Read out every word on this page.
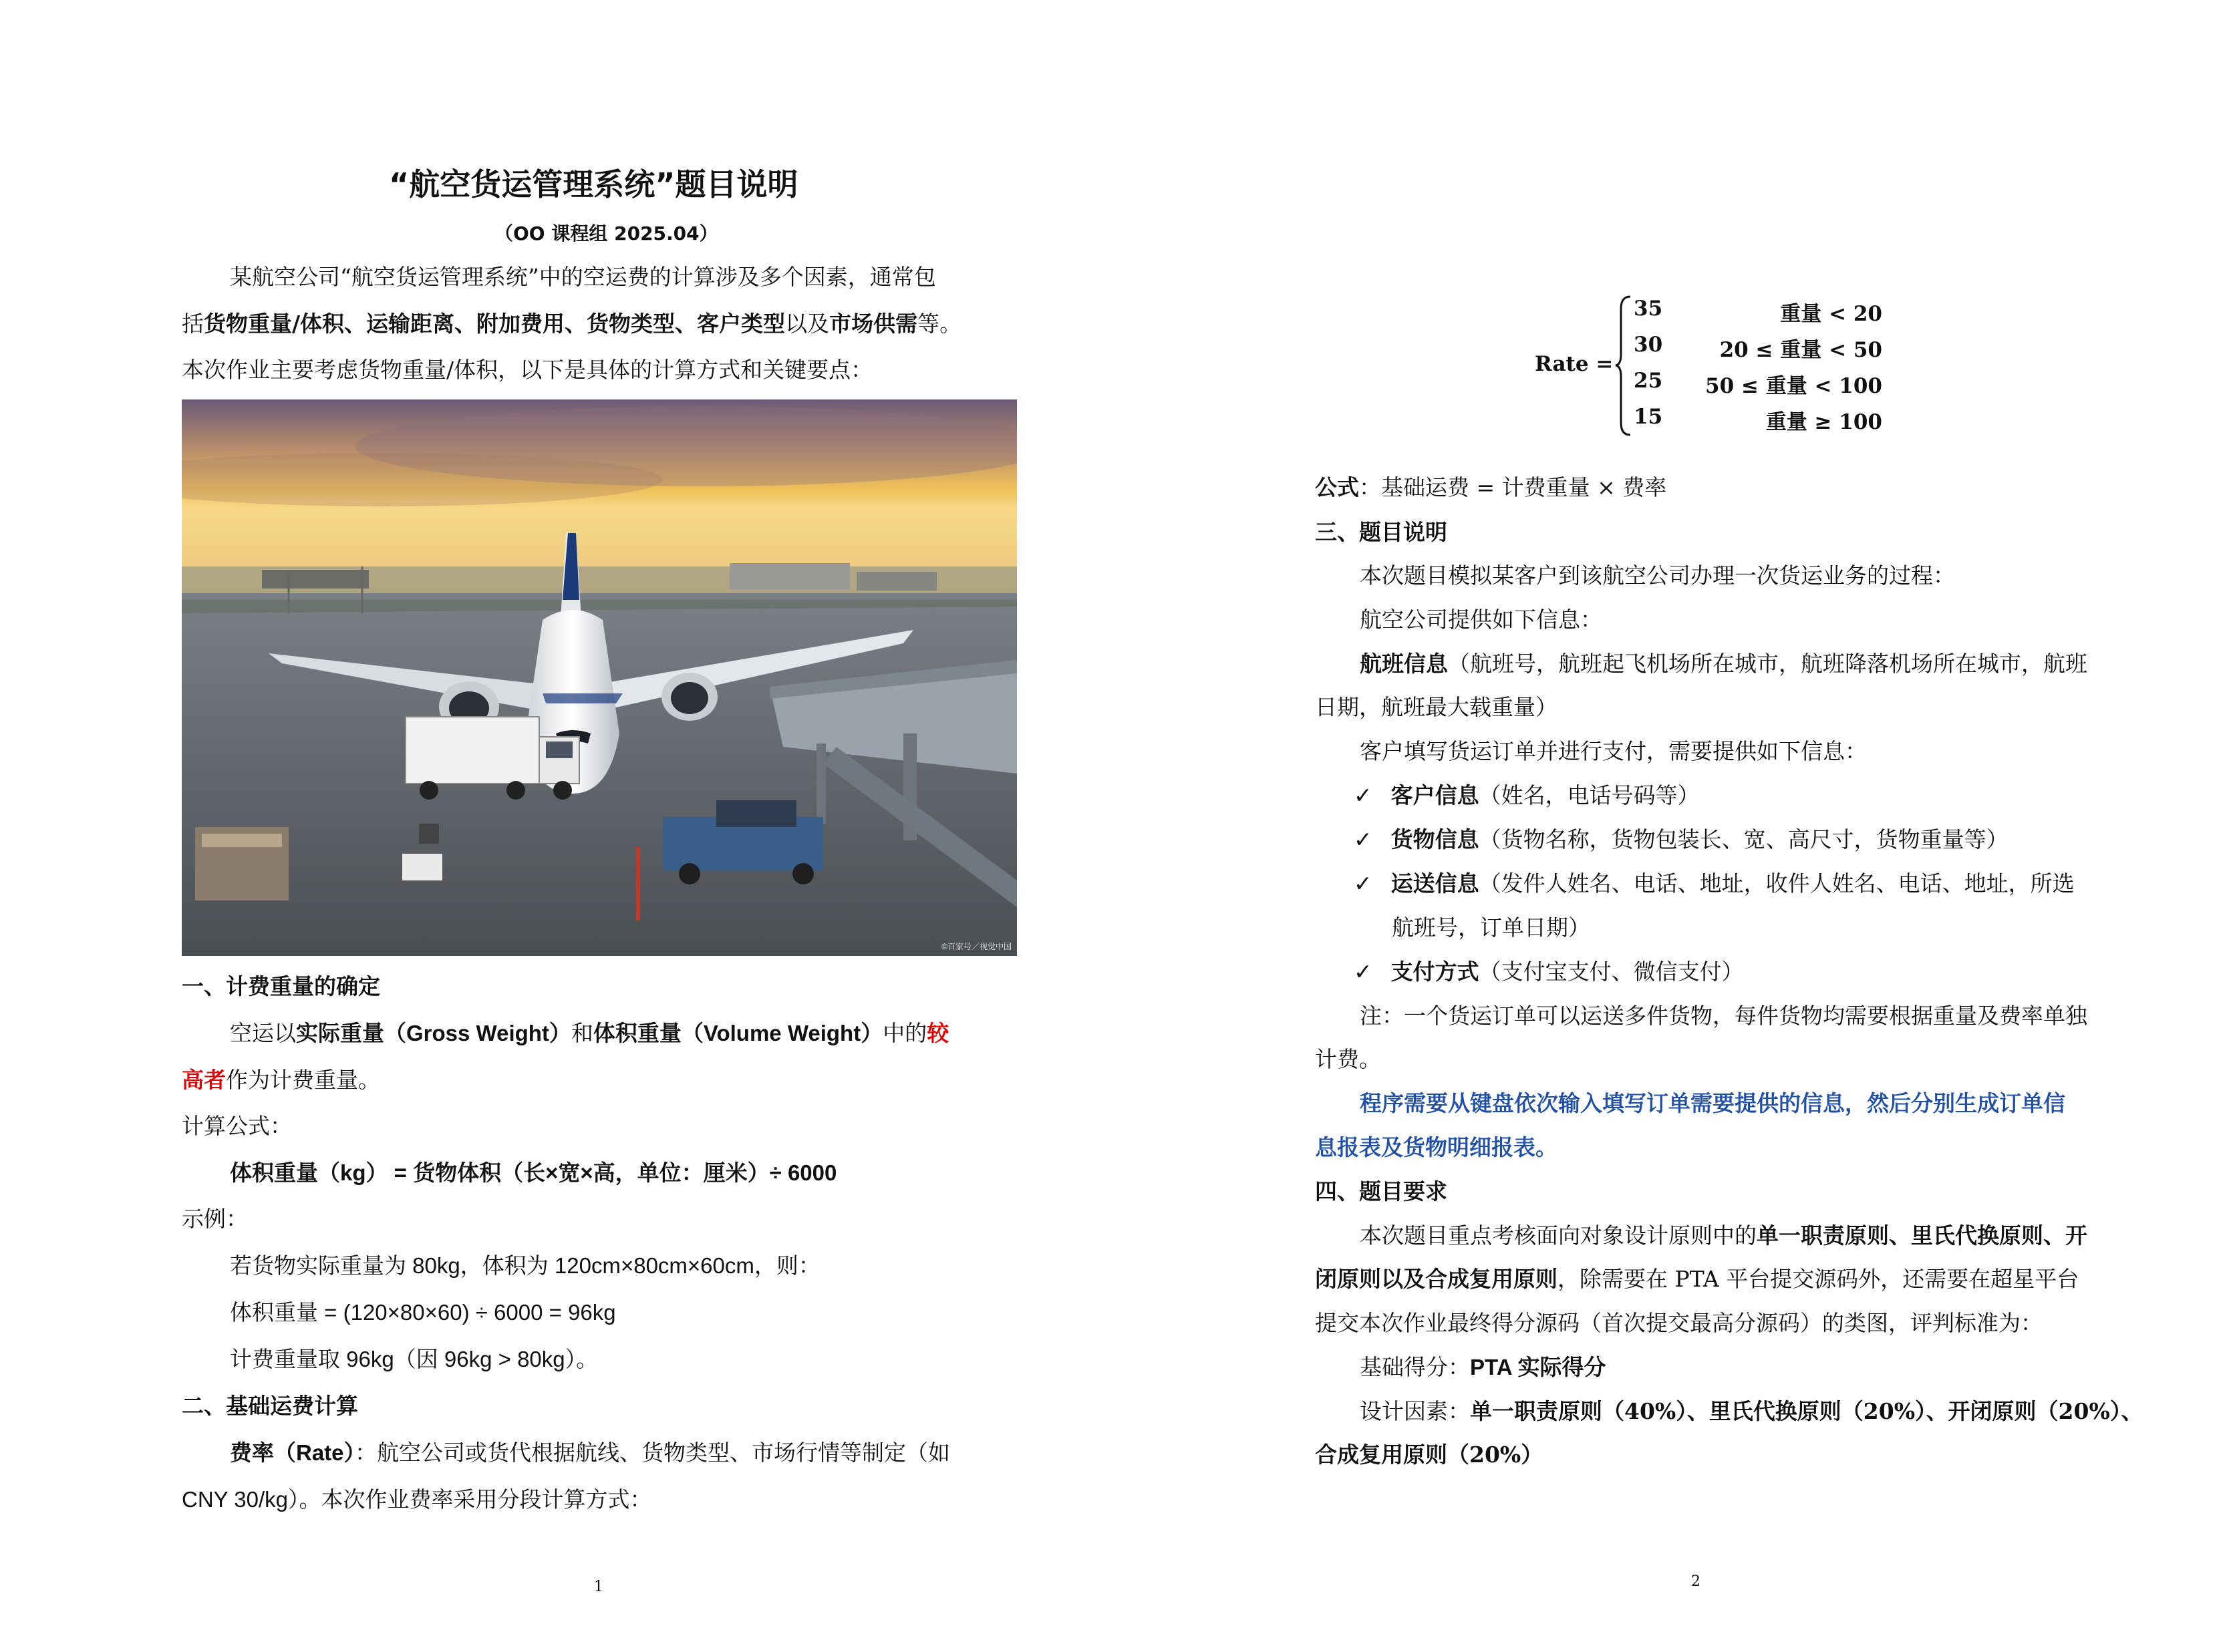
“航空货运管理系统”题目说明
（OO 课程组 2025.04）
某航空公司“航空货运管理系统”中的空运费的计算涉及多个因素，通常包
括货物重量/体积、运输距离、附加费用、货物类型、客户类型以及市场供需等。
本次作业主要考虑货物重量/体积，以下是具体的计算方式和关键要点：
©百家号／视觉中国
一、计费重量的确定
空运以实际重量（Gross Weight）和体积重量（Volume Weight）中的较
高者作为计费重量。
计算公式：
体积重量（kg） = 货物体积（长×宽×高，单位：厘米）÷ 6000
示例：
若货物实际重量为 80kg，体积为 120cm×80cm×60cm，则：
体积重量 = (120×80×60) ÷ 6000 = 96kg
计费重量取 96kg（因 96kg > 80kg）。
二、基础运费计算
费率（Rate）：航空公司或货代根据航线、货物类型、市场行情等制定（如
CNY 30/kg）。本次作业费率采用分段计算方式：
1
Rate =
35	重量 < 20
30	20 ≤ 重量 < 50
25 50 ≤ 重量 < 100
15	重量 ≥ 100
公式：基础运费 = 计费重量 × 费率
三、题目说明
本次题目模拟某客户到该航空公司办理一次货运业务的过程：
航空公司提供如下信息：
航班信息（航班号，航班起飞机场所在城市，航班降落机场所在城市，航班
日期，航班最大载重量）
客户填写货运订单并进行支付，需要提供如下信息：
✓ 客户信息（姓名，电话号码等）
✓ 货物信息（货物名称，货物包装长、宽、高尺寸，货物重量等）
✓ 运送信息（发件人姓名、电话、地址，收件人姓名、电话、地址，所选
航班号，订单日期）
✓ 支付方式（支付宝支付、微信支付）
注：一个货运订单可以运送多件货物，每件货物均需要根据重量及费率单独
计费。
程序需要从键盘依次输入填写订单需要提供的信息，然后分别生成订单信
息报表及货物明细报表。
四、题目要求
本次题目重点考核面向对象设计原则中的单一职责原则、里氏代换原则、开
闭原则以及合成复用原则，除需要在 PTA 平台提交源码外，还需要在超星平台
提交本次作业最终得分源码（首次提交最高分源码）的类图，评判标准为：
基础得分：PTA 实际得分
设计因素：单一职责原则（40%）、里氏代换原则（20%）、开闭原则（20%）、
合成复用原则（20%）
2
